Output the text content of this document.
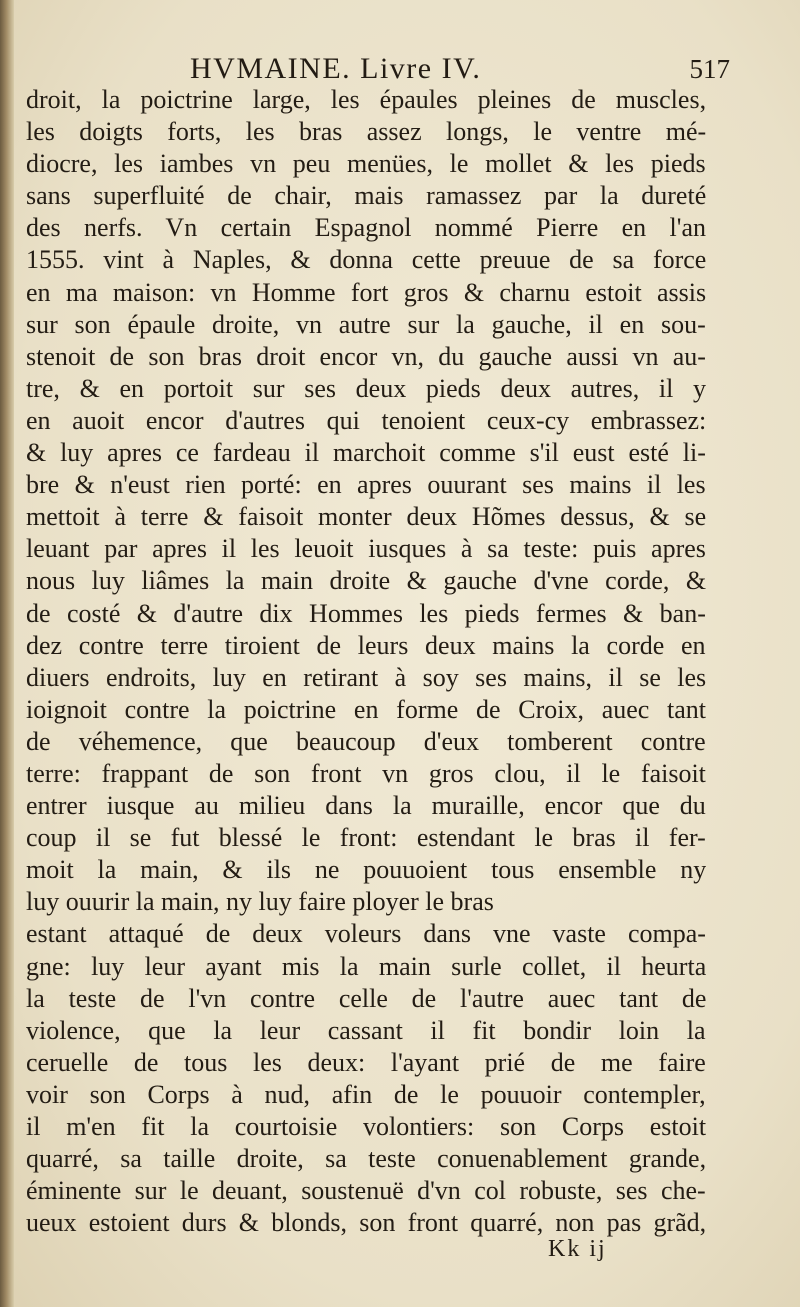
HVMAINE. Livre IV.	517
droit, la poictrine large, les épaules pleines de muscles,
les doigts forts, les bras assez longs, le ventre mé-
diocre, les iambes vn peu menües, le mollet & les pieds
sans superfluité de chair, mais ramassez par la dureté
des nerfs. Vn certain Espagnol nommé Pierre en l'an
1555. vint à Naples, & donna cette preuue de sa force
en ma maison: vn Homme fort gros & charnu estoit assis
sur son épaule droite, vn autre sur la gauche, il en sou-
stenoit de son bras droit encor vn, du gauche aussi vn au-
tre, & en portoit sur ses deux pieds deux autres, il y
en auoit encor d'autres qui tenoient ceux-cy embrassez:
& luy apres ce fardeau il marchoit comme s'il eust esté li-
bre & n'eust rien porté: en apres ouurant ses mains il les
mettoit à terre & faisoit monter deux Hõmes dessus, & se
leuant par apres il les leuoit iusques à sa teste: puis apres
nous luy liâmes la main droite & gauche d'vne corde, &
de costé & d'autre dix Hommes les pieds fermes & ban-
dez contre terre tiroient de leurs deux mains la corde en
diuers endroits, luy en retirant à soy ses mains, il se les
ioignoit contre la poictrine en forme de Croix, auec tant
de véhemence, que beaucoup d'eux tomberent contre
terre: frappant de son front vn gros clou, il le faisoit
entrer iusque au milieu dans la muraille, encor que du
coup il se fut blessé le front: estendant le bras il fer-
moit la main, & ils ne pouuoient tous ensemble ny
luy ouurir la main, ny luy faire ployer le bras
estant attaqué de deux voleurs dans vne vaste compa-
gne: luy leur ayant mis la main surle collet, il heurta
la teste de l'vn contre celle de l'autre auec tant de
violence, que la leur cassant il fit bondir loin la
ceruelle de tous les deux: l'ayant prié de me faire
voir son Corps à nud, afin de le pouuoir contempler,
il m'en fit la courtoisie volontiers: son Corps estoit
quarré, sa taille droite, sa teste conuenablement grande,
éminente sur le deuant, soustenuë d'vn col robuste, ses che-
ueux estoient durs & blonds, son front quarré, non pas grãd,
Kk ij
